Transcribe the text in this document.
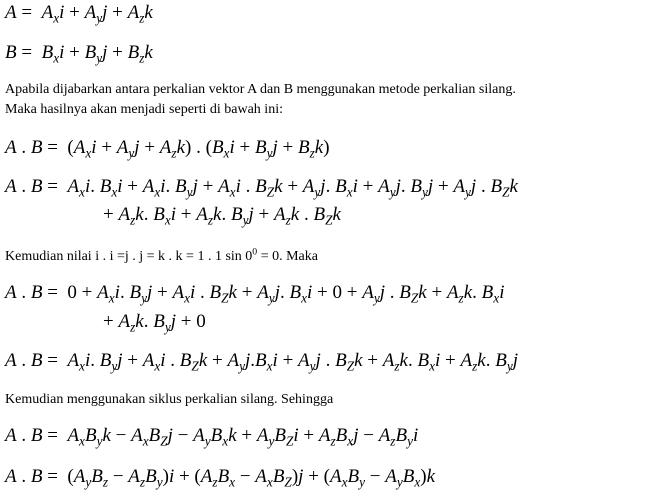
$A = A_xi + A_yj + A_zk$
$B = B_xi + B_yj + B_zk$
Apabila dijabarkan antara perkalian vektor A dan B menggunakan metode perkalian silang.
Maka hasilnya akan menjadi seperti di bawah ini:
A . $B = (A_xi + A_yj + A_zk)$ . $(B_xi + B_yj + B_zk)$
A . $B = A_xi$. $B_xi + A_xi$. $B_yj + A_xi$ . $B_Zk + A_yj$. $B_xi + A_yj$. $B_yj + A_yj$ . $B_Zk$
+ $A_zk$. $B_xi + A_zk$. $B_yj + A_zk$ . $B_Zk$
Kemudian nilai i . i =j . j = k . k = 1 . 1 $\sin 0^0 = 0$. Maka
A . $B = 0 + A_xi$. $B_yj + A_xi$ . $B_Zk + A_yj$. $B_xi + 0 + A_yj$ . $B_Zk + A_zk$. $B_xi$
+ $A_zk$. $B_yj + 0$
A . $B = A_xi$. $B_yj + A_xi$ . $B_Zk + A_yj.B_xi + A_yj$ . $B_Zk + A_zk$. $B_xi + A_zk$. $B_yj$
Kemudian menggunakan siklus perkalian silang. Sehingga
A . $B = A_xB_yk - A_xB_Zj - A_yB_xk + A_yB_Zi + A_zB_xj - A_zB_yi$
A . $B = (A_yB_z - A_zB_y)i + (A_zB_x - A_xB_Z)j + (A_xB_y - A_yB_x)k$
